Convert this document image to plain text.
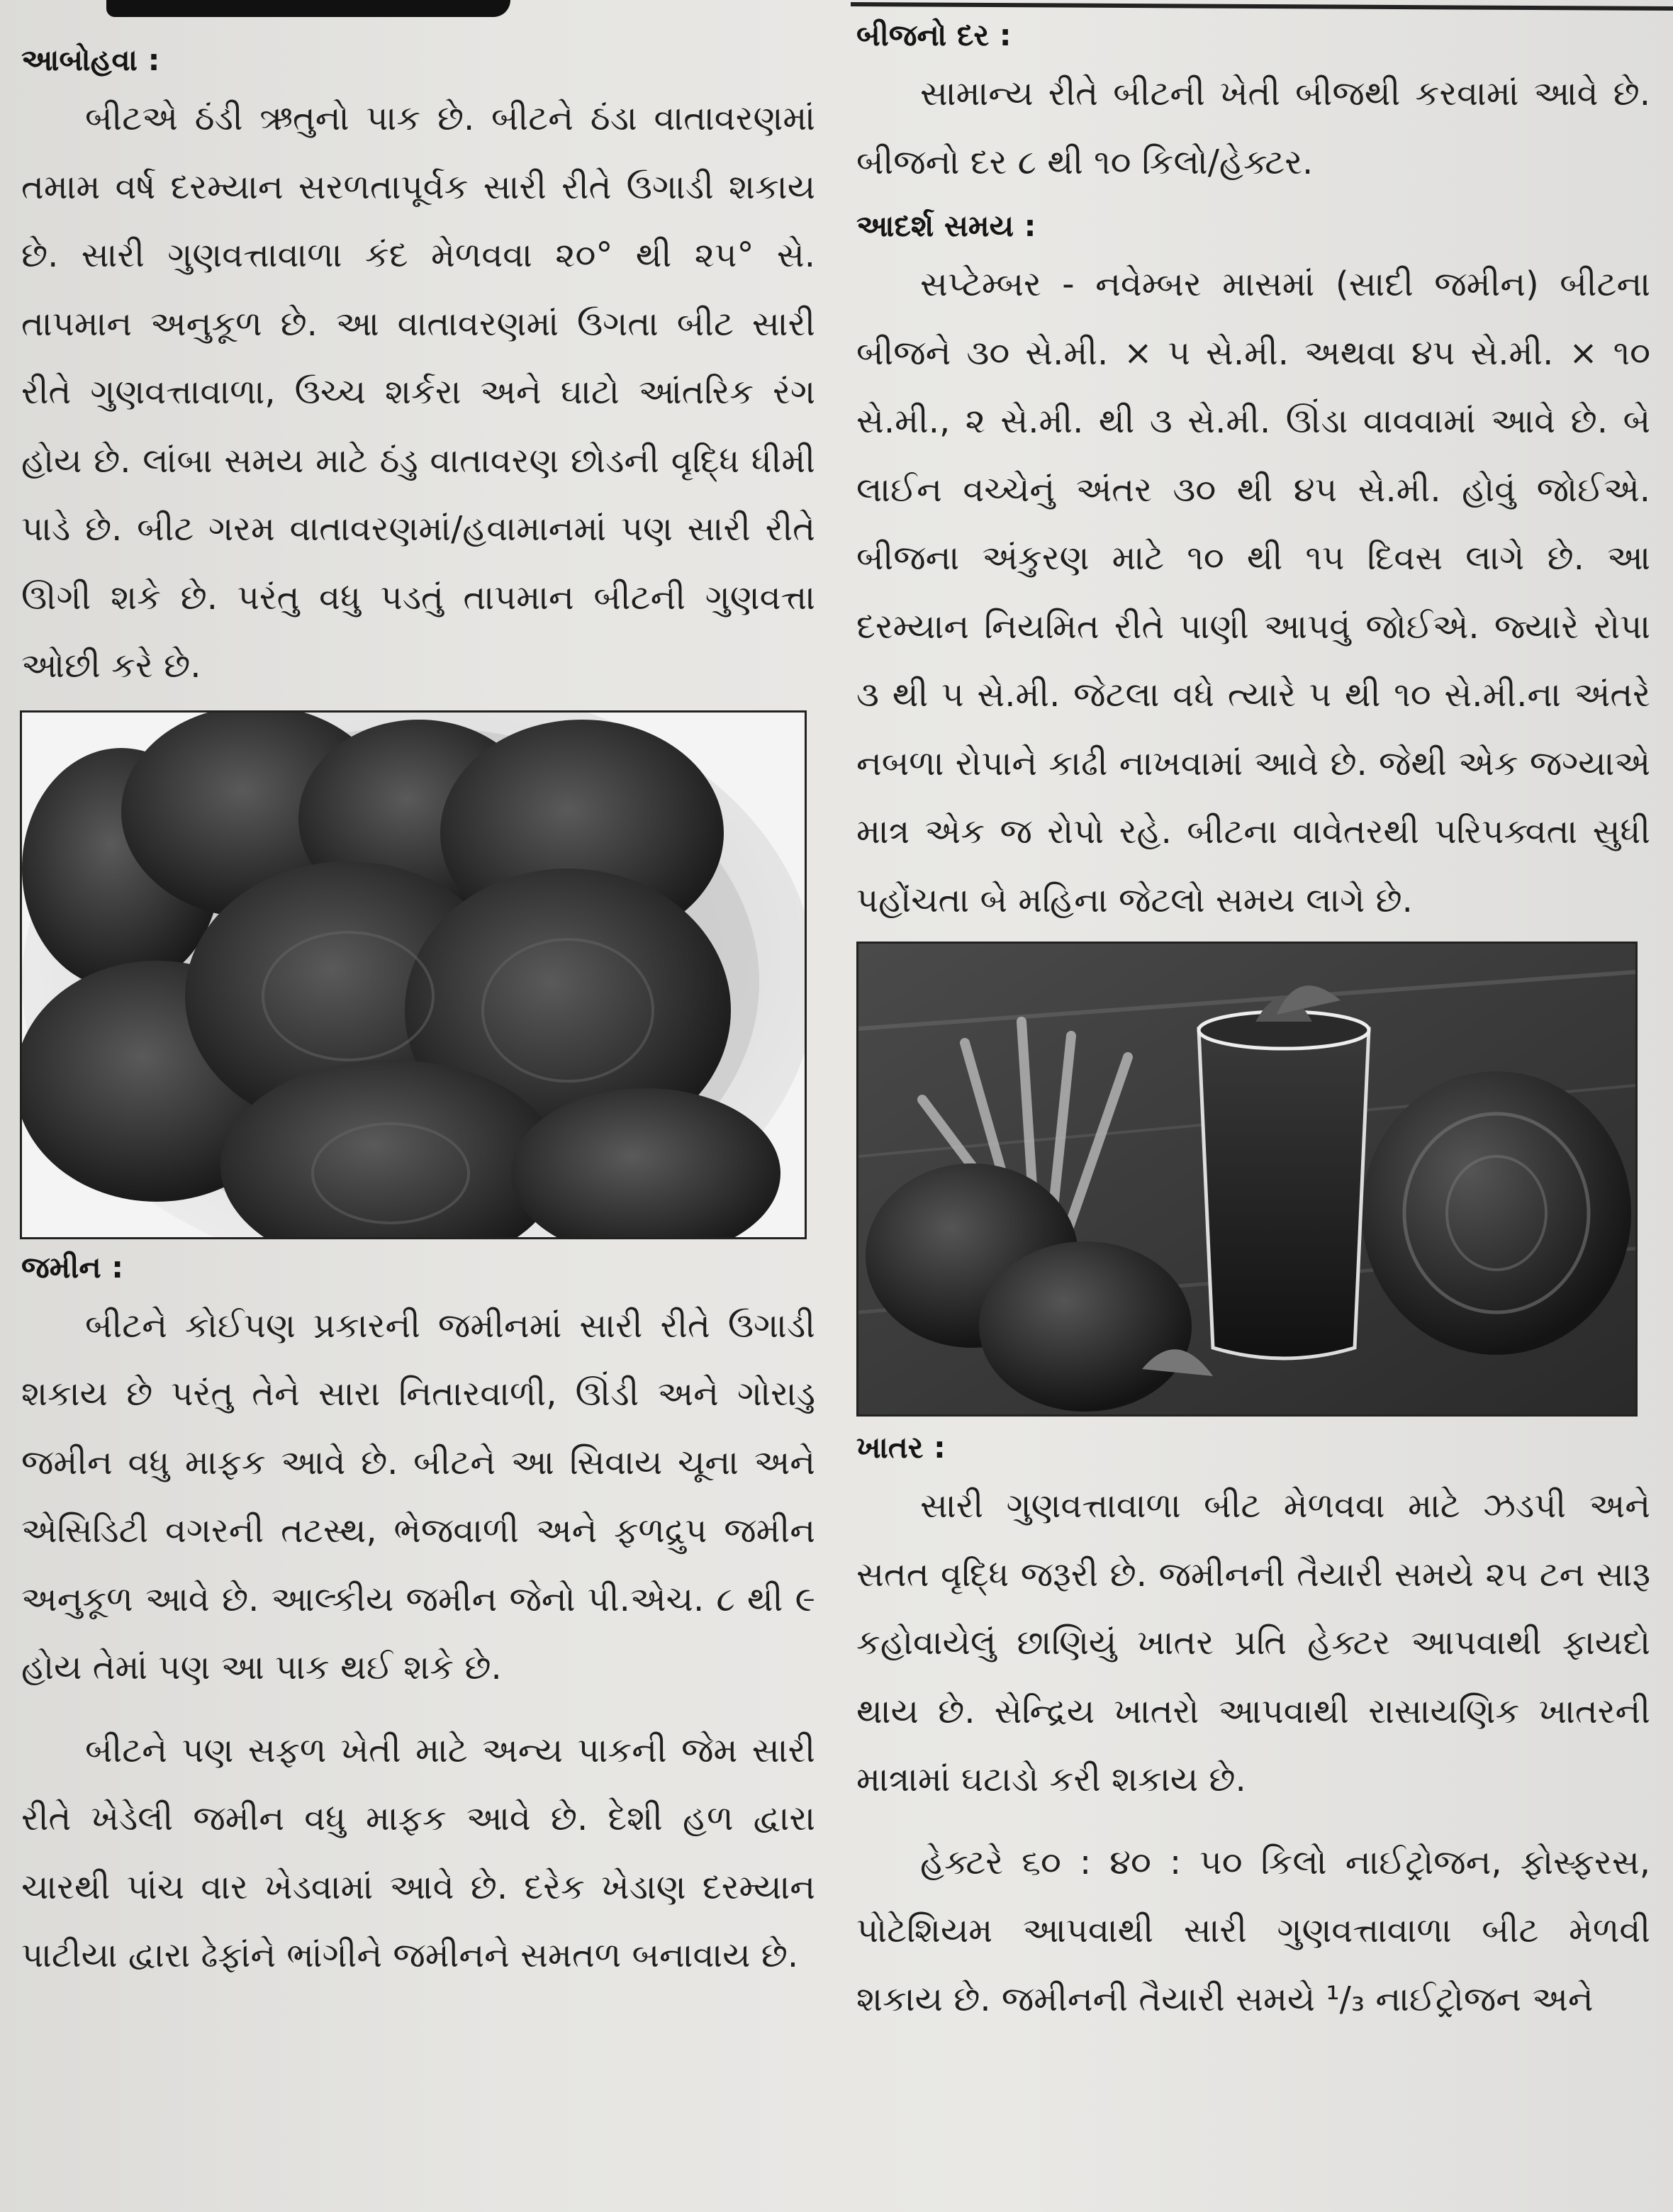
આબોહવા :

બીટએ ઠંડી ઋતુનો પાક છે. બીટને ઠંડા વાતાવરણમાં તમામ વર્ષ દરમ્યાન સરળતાપૂર્વક સારી રીતે ઉગાડી શકાય છે. સારી ગુણવત્તાવાળા કંદ મેળવવા ૨૦° થી ૨૫° સે. તાપમાન અનુકૂળ છે. આ વાતાવરણમાં ઉગતા બીટ સારી રીતે ગુણવત્તાવાળા, ઉચ્ચ શર્કરા અને ઘાટો આંતરિક રંગ હોય છે. લાંબા સમય માટે ઠંડુ વાતાવરણ છોડની વૃદ્ધિ ધીમી પાડે છે. બીટ ગરમ વાતાવરણમાં/હવામાનમાં પણ સારી રીતે ઊગી શકે છે. પરંતુ વધુ પડતું તાપમાન બીટની ગુણવત્તા ઓછી કરે છે.

જમીન :

બીટને કોઈપણ પ્રકારની જમીનમાં સારી રીતે ઉગાડી શકાય છે પરંતુ તેને સારા નિતારવાળી, ઊંડી અને ગોરાડુ જમીન વધુ માફક આવે છે. બીટને આ સિવાય ચૂના અને એસિડિટી વગરની તટસ્થ, ભેજવાળી અને ફળદ્રુપ જમીન અનુકૂળ આવે છે. આલ્કીય જમીન જેનો પી.એચ. ૮ થી ૯ હોય તેમાં પણ આ પાક થઈ શકે છે.

બીટને પણ સફળ ખેતી માટે અન્ય પાકની જેમ સારી રીતે ખેડેલી જમીન વધુ માફક આવે છે. દેશી હળ દ્વારા ચારથી પાંચ વાર ખેડવામાં આવે છે. દરેક ખેડાણ દરમ્યાન પાટીયા દ્વારા ઢેફાંને ભાંગીને જમીનને સમતળ બનાવાય છે.

બીજનો દર :

સામાન્ય રીતે બીટની ખેતી બીજથી કરવામાં આવે છે. બીજનો દર ૮ થી ૧૦ કિલો/હેક્ટર.

આદર્શ સમય :

સપ્ટેમ્બર - નવેમ્બર માસમાં (સાદી જમીન) બીટના બીજને ૩૦ સે.મી. × ૫ સે.મી. અથવા ૪૫ સે.મી. × ૧૦ સે.મી., ૨ સે.મી. થી ૩ સે.મી. ઊંડા વાવવામાં આવે છે. બે લાઈન વચ્ચેનું અંતર ૩૦ થી ૪૫ સે.મી. હોવું જોઈએ. બીજના અંકુરણ માટે ૧૦ થી ૧૫ દિવસ લાગે છે. આ દરમ્યાન નિયમિત રીતે પાણી આપવું જોઈએ. જ્યારે રોપા ૩ થી ૫ સે.મી. જેટલા વધે ત્યારે ૫ થી ૧૦ સે.મી.ના અંતરે નબળા રોપાને કાઢી નાખવામાં આવે છે. જેથી એક જગ્યાએ માત્ર એક જ રોપો રહે. બીટના વાવેતરથી પરિપક્વતા સુધી પહોંચતા બે મહિના જેટલો સમય લાગે છે.

ખાતર :

સારી ગુણવત્તાવાળા બીટ મેળવવા માટે ઝડપી અને સતત વૃદ્ધિ જરૂરી છે. જમીનની તૈયારી સમયે ૨૫ ટન સારૂ કહોવાયેલું છાણિયું ખાતર પ્રતિ હેક્ટર આપવાથી ફાયદો થાય છે. સેન્દ્રિય ખાતરો આપવાથી રાસાયણિક ખાતરની માત્રામાં ઘટાડો કરી શકાય છે.

હેક્ટરે ૬૦ : ૪૦ : ૫૦ કિલો નાઈટ્રોજન, ફોસ્ફરસ, પોટેશિયમ આપવાથી સારી ગુણવત્તાવાળા બીટ મેળવી શકાય છે. જમીનની તૈયારી સમયે ¹/₃ નાઈટ્રોજન અને
